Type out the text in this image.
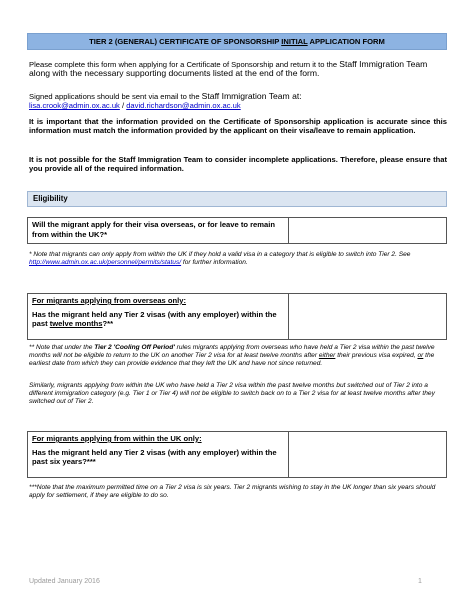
TIER 2 (GENERAL) CERTIFICATE OF SPONSORSHIP INITIAL APPLICATION FORM
Please complete this form when applying for a Certificate of Sponsorship and return it to the Staff Immigration Team along with the necessary supporting documents listed at the end of the form.
Signed applications should be sent via email to the Staff Immigration Team at:
lisa.crook@admin.ox.ac.uk / david.richardson@admin.ox.ac.uk
It is important that the information provided on the Certificate of Sponsorship application is accurate since this information must match the information provided by the applicant on their visa/leave to remain application.
It is not possible for the Staff Immigration Team to consider incomplete applications. Therefore, please ensure that you provide all of the required information.
Eligibility
Will the migrant apply for their visa overseas, or for leave to remain from within the UK?*
* Note that migrants can only apply from within the UK if they hold a valid visa in a category that is eligible to switch into Tier 2. See http://www.admin.ox.ac.uk/personnel/permits/status/ for further information.
For migrants applying from overseas only:

Has the migrant held any Tier 2 visas (with any employer) within the past twelve months?**
** Note that under the Tier 2 'Cooling Off Period' rules migrants applying from overseas who have held a Tier 2 visa within the past twelve months will not be eligible to return to the UK on another Tier 2 visa for at least twelve months after either their previous visa expired, or the earliest date from which they can provide evidence that they left the UK and have not since returned.
Similarly, migrants applying from within the UK who have held a Tier 2 visa within the past twelve months but switched out of Tier 2 into a different immigration category (e.g. Tier 1 or Tier 4) will not be eligible to switch back on to a Tier 2 visa for at least twelve months after they switched out of Tier 2.
For migrants applying from within the UK only:

Has the migrant held any Tier 2 visas (with any employer) within the past six years?***
***Note that the maximum permitted time on a Tier 2 visa is six years. Tier 2 migrants wishing to stay in the UK longer than six years should apply for settlement, if they are eligible to do so.
Updated January 2016	1
